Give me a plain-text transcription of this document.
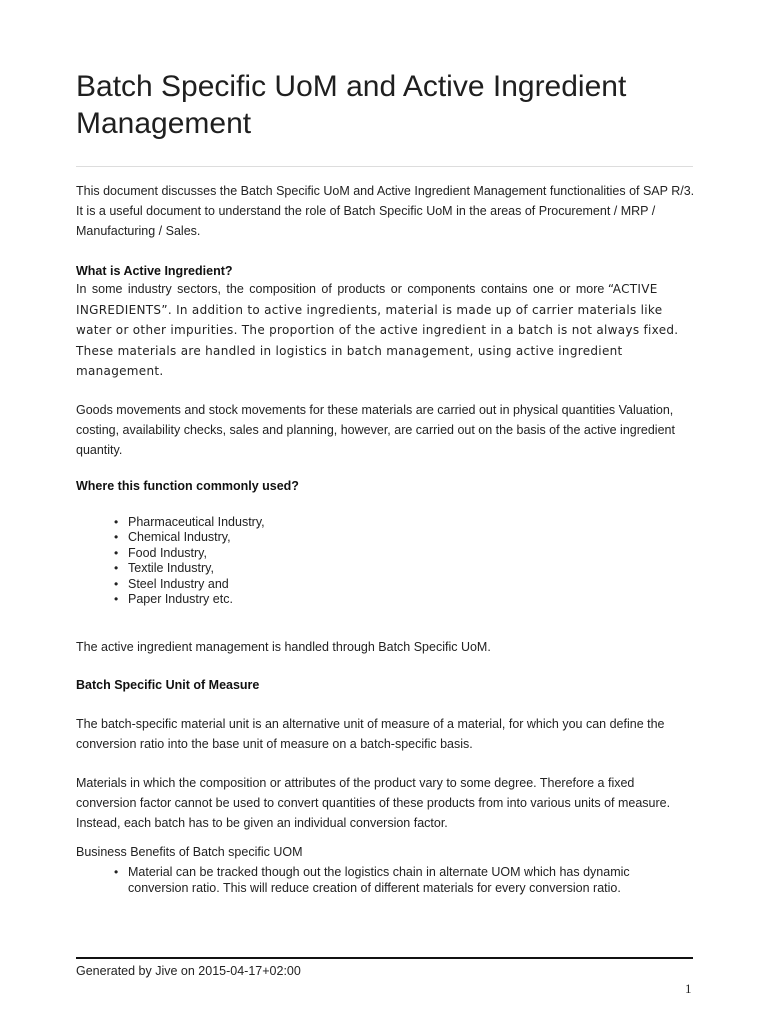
Batch Specific UoM and Active Ingredient Management

This document discusses the Batch Specific UoM and Active Ingredient Management functionalities of SAP R/3. It is a useful document to understand the role of Batch Specific UoM in the areas of Procurement / MRP / Manufacturing / Sales.

What is Active Ingredient?

In some industry sectors, the composition of products or components contains one or more “ACTIVE INGREDIENTS”. In addition to active ingredients, material is made up of carrier materials like water or other impurities. The proportion of the active ingredient in a batch is not always fixed. These materials are handled in logistics in batch management, using active ingredient management.

Goods movements and stock movements for these materials are carried out in physical quantities Valuation, costing, availability checks, sales and planning, however, are carried out on the basis of the active ingredient quantity.

Where this function commonly used?

• Pharmaceutical Industry,
• Chemical Industry,
• Food Industry,
• Textile Industry,
• Steel Industry and
• Paper Industry etc.

The active ingredient management is handled through Batch Specific UoM.

Batch Specific Unit of Measure

The batch-specific material unit is an alternative unit of measure of a material, for which you can define the conversion ratio into the base unit of measure on a batch-specific basis.

Materials in which the composition or attributes of the product vary to some degree. Therefore a fixed conversion factor cannot be used to convert quantities of these products from into various units of measure. Instead, each batch has to be given an individual conversion factor.

Business Benefits of Batch specific UOM

• Material can be tracked though out the logistics chain in alternate UOM which has dynamic conversion ratio. This will reduce creation of different materials for every conversion ratio.
Generated by Jive on 2015-04-17+02:00
1
